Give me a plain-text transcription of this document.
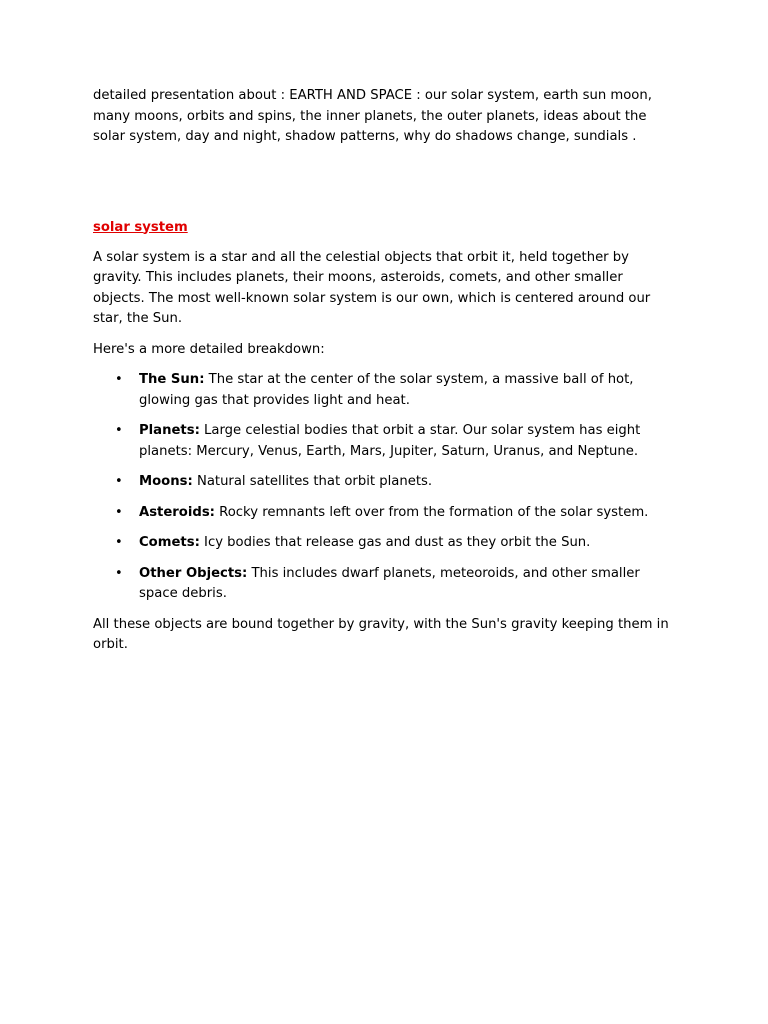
detailed presentation about : EARTH AND SPACE : our solar system, earth sun moon, many moons, orbits and spins, the inner planets, the outer planets, ideas about the solar system, day and night, shadow patterns, why do shadows change, sundials .

solar system

A solar system is a star and all the celestial objects that orbit it, held together by gravity. This includes planets, their moons, asteroids, comets, and other smaller objects. The most well-known solar system is our own, which is centered around our star, the Sun.

Here's a more detailed breakdown:

• The Sun: The star at the center of the solar system, a massive ball of hot, glowing gas that provides light and heat.
• Planets: Large celestial bodies that orbit a star. Our solar system has eight planets: Mercury, Venus, Earth, Mars, Jupiter, Saturn, Uranus, and Neptune.
• Moons: Natural satellites that orbit planets.
• Asteroids: Rocky remnants left over from the formation of the solar system.
• Comets: Icy bodies that release gas and dust as they orbit the Sun.
• Other Objects: This includes dwarf planets, meteoroids, and other smaller space debris.

All these objects are bound together by gravity, with the Sun's gravity keeping them in orbit.
